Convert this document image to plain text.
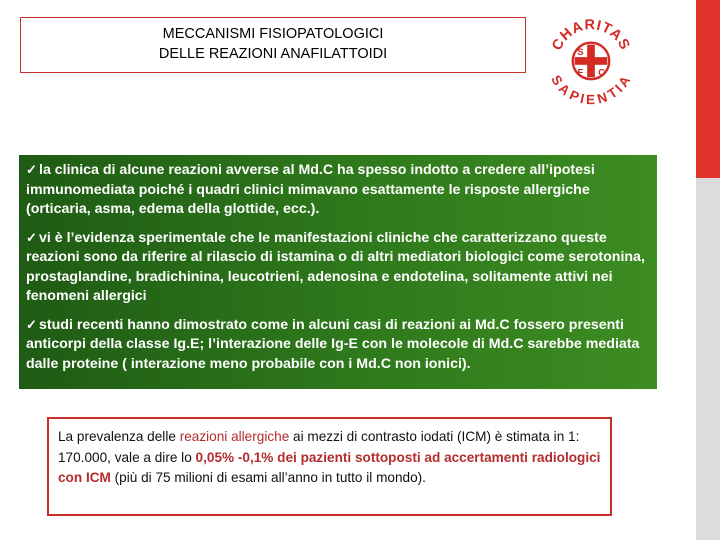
MECCANISMI FISIOPATOLOGICI
DELLE REAZIONI ANAFILATTOIDI
CHARITAS
SAPIENTIA
S
F C
✓ la clinica di alcune reazioni avverse al Md.C ha spesso indotto a credere all’ipotesi immunomediata poiché i quadri clinici mimavano esattamente le risposte allergiche (orticaria, asma, edema della glottide, ecc.).
✓ vi è l’evidenza sperimentale che le manifestazioni cliniche che caratterizzano queste reazioni sono da riferire al rilascio di istamina o di altri mediatori biologici come serotonina, prostaglandine, bradichinina, leucotrieni, adenosina e endotelina, solitamente attivi nei fenomeni allergici
✓ studi recenti hanno dimostrato come in alcuni casi di reazioni ai Md.C fossero presenti anticorpi della classe Ig.E; l’interazione delle Ig-E con le molecole di Md.C sarebbe mediata dalle proteine ( interazione meno probabile con i Md.C non ionici).
La prevalenza delle reazioni allergiche ai mezzi di contrasto iodati (ICM) è stimata in 1: 170.000, vale a dire lo 0,05% -0,1% dei pazienti sottoposti ad accertamenti radiologici con ICM (più di 75 milioni di esami all’anno in tutto il mondo).
